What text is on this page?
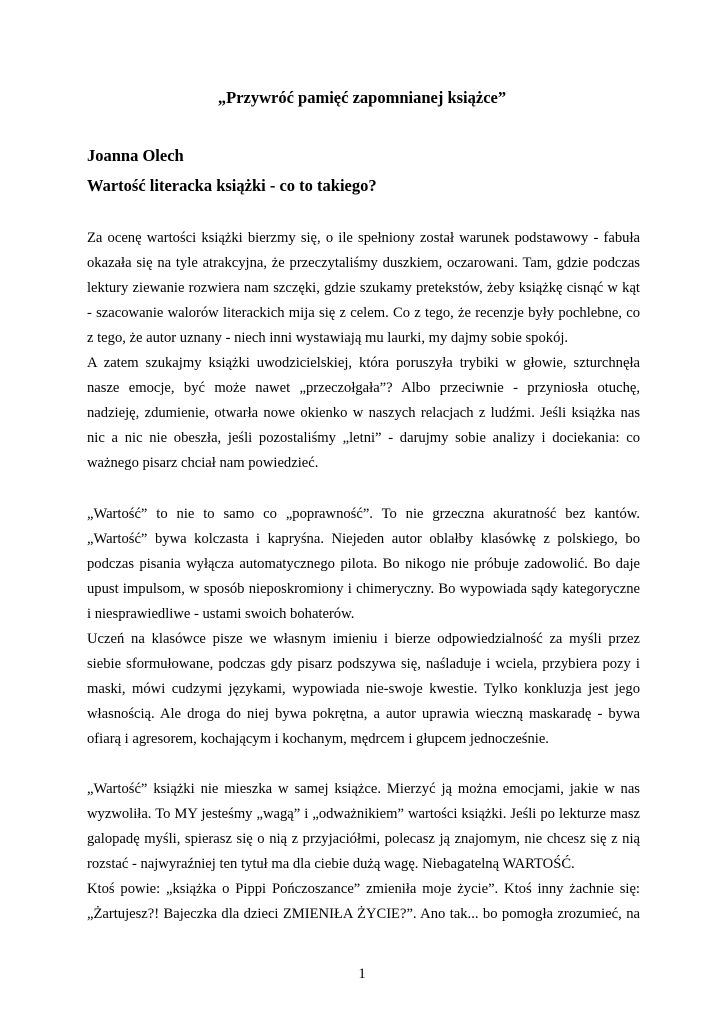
„Przywróć pamięć zapomnianej książce”
Joanna Olech
Wartość literacka książki - co to takiego?
Za ocenę wartości książki bierzmy się, o ile spełniony został warunek podstawowy - fabuła
okazała się na tyle atrakcyjna, że przeczytaliśmy duszkiem, oczarowani. Tam, gdzie podczas
lektury ziewanie rozwiera nam szczęki, gdzie szukamy pretekstów, żeby książkę cisnąć w kąt
- szacowanie walorów literackich mija się z celem. Co z tego, że recenzje były pochlebne, co
z tego, że autor uznany - niech inni wystawiają mu laurki, my dajmy sobie spokój.
A zatem szukajmy książki uwodzicielskiej, która poruszyła trybiki w głowie, szturchnęła
nasze emocje, być może nawet „przeczołgała”? Albo przeciwnie - przyniosła otuchę,
nadzieję, zdumienie, otwarła nowe okienko w naszych relacjach z ludźmi. Jeśli książka nas
nic a nic nie obeszła, jeśli pozostaliśmy „letni” - darujmy sobie analizy i dociekania: co
ważnego pisarz chciał nam powiedzieć.
„Wartość” to nie to samo co „poprawność”. To nie grzeczna akuratność bez kantów.
„Wartość” bywa kolczasta i kapryśna. Niejeden autor oblałby klasówkę z polskiego, bo
podczas pisania wyłącza automatycznego pilota. Bo nikogo nie próbuje zadowolić. Bo daje
upust impulsom, w sposób nieposkromiony i chimeryczny. Bo wypowiada sądy kategoryczne
i niesprawiedliwe - ustami swoich bohaterów.
Uczeń na klasówce pisze we własnym imieniu i bierze odpowiedzialność za myśli przez
siebie sformułowane, podczas gdy pisarz podszywa się, naśladuje i wciela, przybiera pozy i
maski, mówi cudzymi językami, wypowiada nie-swoje kwestie. Tylko konkluzja jest jego
własnością. Ale droga do niej bywa pokrętna, a autor uprawia wieczną maskaradę - bywa
ofiarą i agresorem, kochającym i kochanym, mędrcem i głupcem jednocześnie.
„Wartość” książki nie mieszka w samej książce. Mierzyć ją można emocjami, jakie w nas
wyzwoliła. To MY jesteśmy „wagą” i „odważnikiem” wartości książki. Jeśli po lekturze masz
galopadę myśli, spierasz się o nią z przyjaciółmi, polecasz ją znajomym, nie chcesz się z nią
rozstać - najwyraźniej ten tytuł ma dla ciebie dużą wagę. Niebagatelną WARTOŚĆ.
Ktoś powie: „książka o Pippi Pończoszance” zmieniła moje życie”. Ktoś inny żachnie się:
„Żartujesz?! Bajeczka dla dzieci ZMIENIŁA ŻYCIE?”. Ano tak... bo pomogła zrozumieć, na
1
